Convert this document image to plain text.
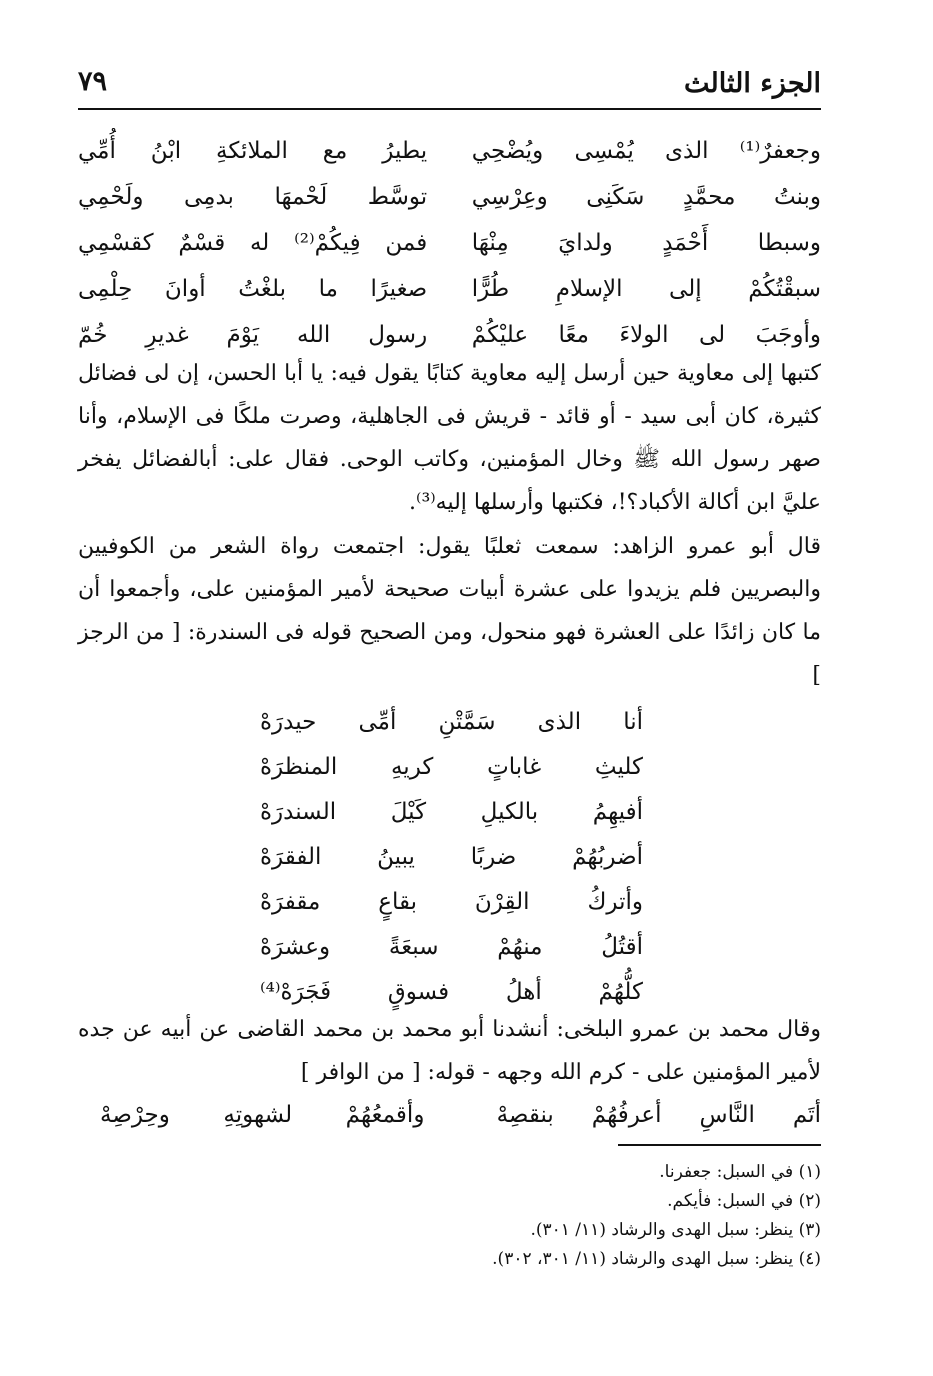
الجزء الثالث
٧٩
وجعفرٌ⁽¹⁾ الذى يُمْسِى ويُضْحِي
يطيرُ مع الملائكةِ ابْنُ أُمِّي
وبنتُ محمَّدٍ سَكَنِى وعِرْسِي
توسَّط لَحْمهَا بدمِى ولَحْمِي
وسبطا أَحْمَدٍ ولدايَ مِنْهَا
فمن فِيكُمْ⁽²⁾ له قسْمٌ كقسْمِي
سبقْتُكُمْ إلى الإسلامِ طُرًّا
صغيرًا ما بلغْتُ أوانَ حِلْمِى
وأوجَبَ لى الولاءَ معًا عليْكُمْ
رسول الله يَوْمَ غديرِ خُمّ

كتبها إلى معاوية حين أرسل إليه معاوية كتابًا يقول فيه: يا أبا الحسن، إن لى فضائل كثيرة، كان أبى سيد - أو قائد - قريش فى الجاهلية، وصرت ملكًا فى الإسلام، وأنا صهر رسول الله ﷺ وخال المؤمنين، وكاتب الوحى. فقال على: أبالفضائل يفخر عليَّ ابن أكالة الأكباد؟!، فكتبها وأرسلها إليه⁽³⁾.

قال أبو عمرو الزاهد: سمعت ثعلبًا يقول: اجتمعت رواة الشعر من الكوفيين والبصريين فلم يزيدوا على عشرة أبيات صحيحة لأمير المؤمنين على، وأجمعوا أن ما كان زائدًا على العشرة فهو منحول، ومن الصحيح قوله فى السندرة: [ من الرجز ]

أنا الذى سَمَّتْنِ أمِّى حيدرَهْ
كليثِ غاباتٍ كريهِ المنظرَهْ
أفيهِمُ بالكيلِ كَيْلَ السندرَهْ
أضربُهُمْ ضربًا يبينُ الفقرَهْ
وأتركُ القِرْنَ بقاعٍ مقفرَهْ
أقتُلُ منهُمْ سبعَةً وعشرَهْ
كلُّهُمْ أهلُ فسوقٍ فَجَرَهْ⁽⁴⁾

وقال محمد بن عمرو البلخى: أنشدنا أبو محمد بن محمد القاضى عن أبيه عن جده لأمير المؤمنين على - كرم الله وجهه - قوله: [ من الوافر ]

أتَم النَّاسِ أعرفُهُمْ بنقصِهْ
وأقمعُهُمْ لشهوتِهِ وحِرْصِهْ
(١) في السبل: جعفرنا.
(٢) في السبل: فأيكم.
(٣) ينظر: سبل الهدى والرشاد (١١/ ٣٠١).
(٤) ينظر: سبل الهدى والرشاد (١١/ ٣٠١، ٣٠٢).
